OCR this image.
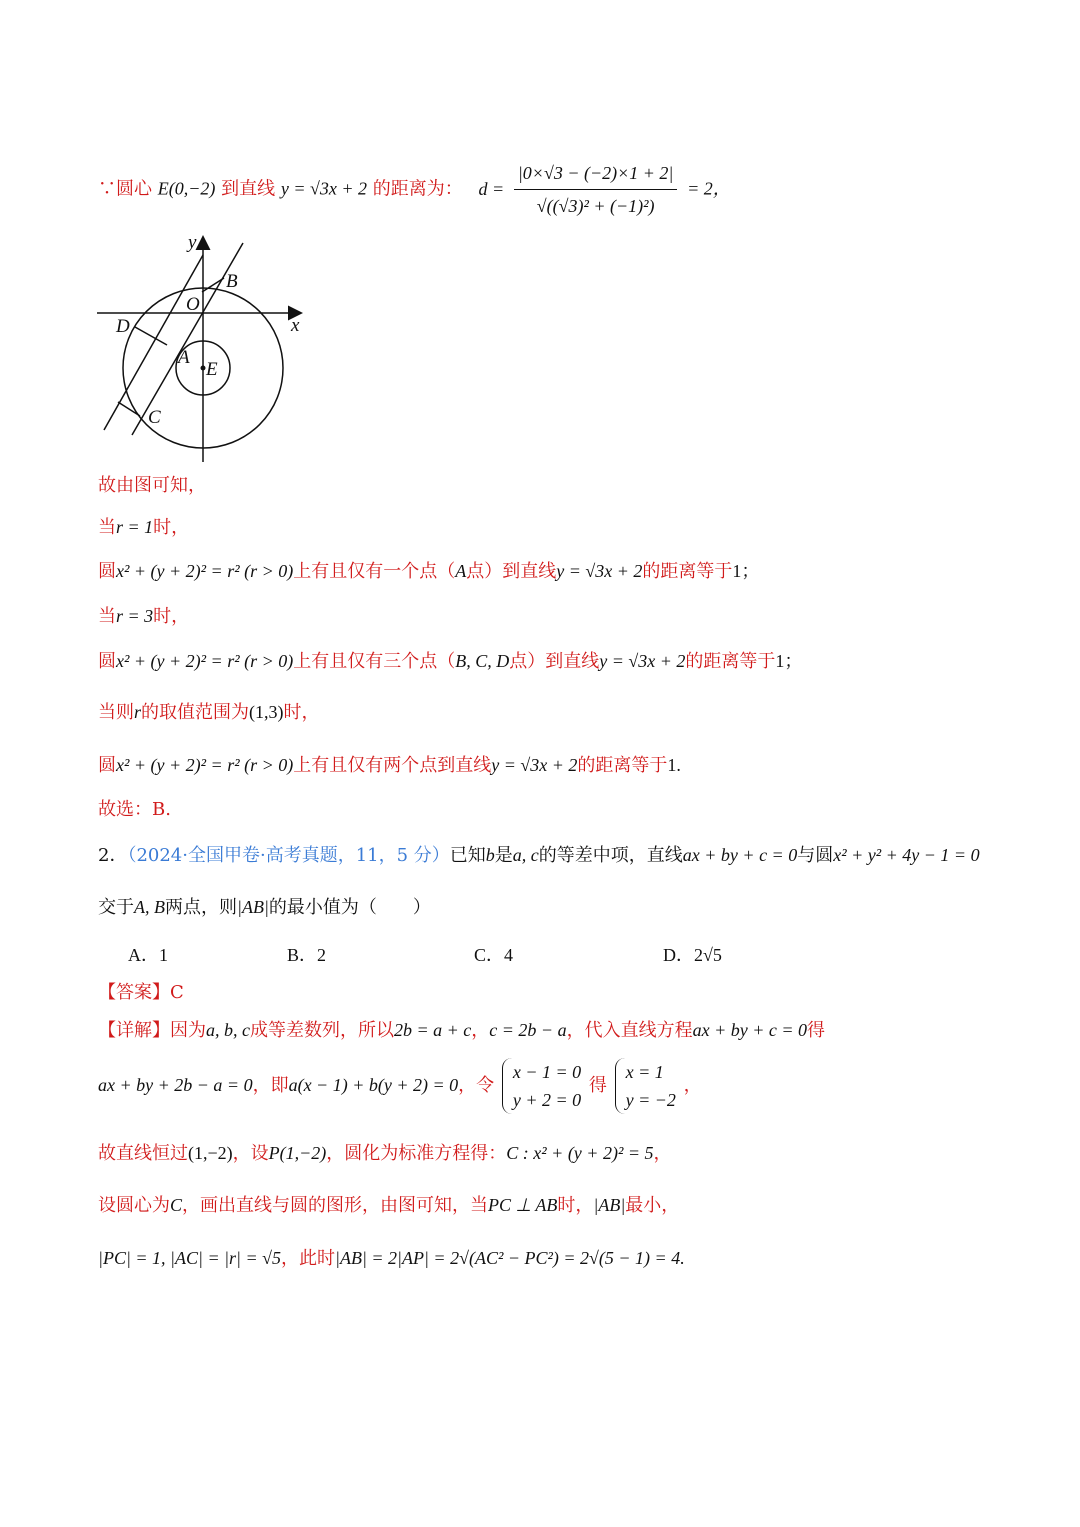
∵圆心 E(0,−2) 到直线 y = √3x + 2 的距离为： $d = \frac{|0\times√3 - (-2)\times 1 + 2|}{\text{√((√3)² + (−1)²)}} = 2$，
y
x
O
B
D
A
E
C
故由图可知，
当r = 1时，
圆x² + (y + 2)² = r² (r > 0)上有且仅有一个点（A点）到直线y = √3x + 2的距离等于1；
当r = 3时，
圆x² + (y + 2)² = r² (r > 0)上有且仅有三个点（B, C, D点）到直线y = √3x + 2的距离等于1；
当则r的取值范围为(1,3)时，
圆x² + (y + 2)² = r² (r > 0)上有且仅有两个点到直线y = √3x + 2的距离等于1.
故选：B.
2．（2024·全国甲卷·高考真题，11，5 分）已知b是a, c的等差中项，直线ax + by + c = 0与圆x² + y² + 4y − 1 = 0
交于A, B两点，则|AB|的最小值为（　　）
A．1	B．2	C．4	D．2√5
【答案】C
【详解】因为a, b, c成等差数列，所以2b = a + c，c = 2b − a，代入直线方程ax + by + c = 0得
ax + by + 2b − a = 0，即a(x − 1) + b(y + 2) = 0，令
x − 1 = 0
y + 2 = 0
得
x = 1
y = −2
，
故直线恒过(1,−2)，设P(1,−2)，圆化为标准方程得：C : x² + (y + 2)² = 5，
设圆心为C，画出直线与圆的图形，由图可知，当PC ⊥ AB时，|AB|最小，
|PC| = 1, |AC| = |r| = √5，此时|AB| = 2|AP| = 2√(AC² − PC²) = 2√(5 − 1) = 4.
